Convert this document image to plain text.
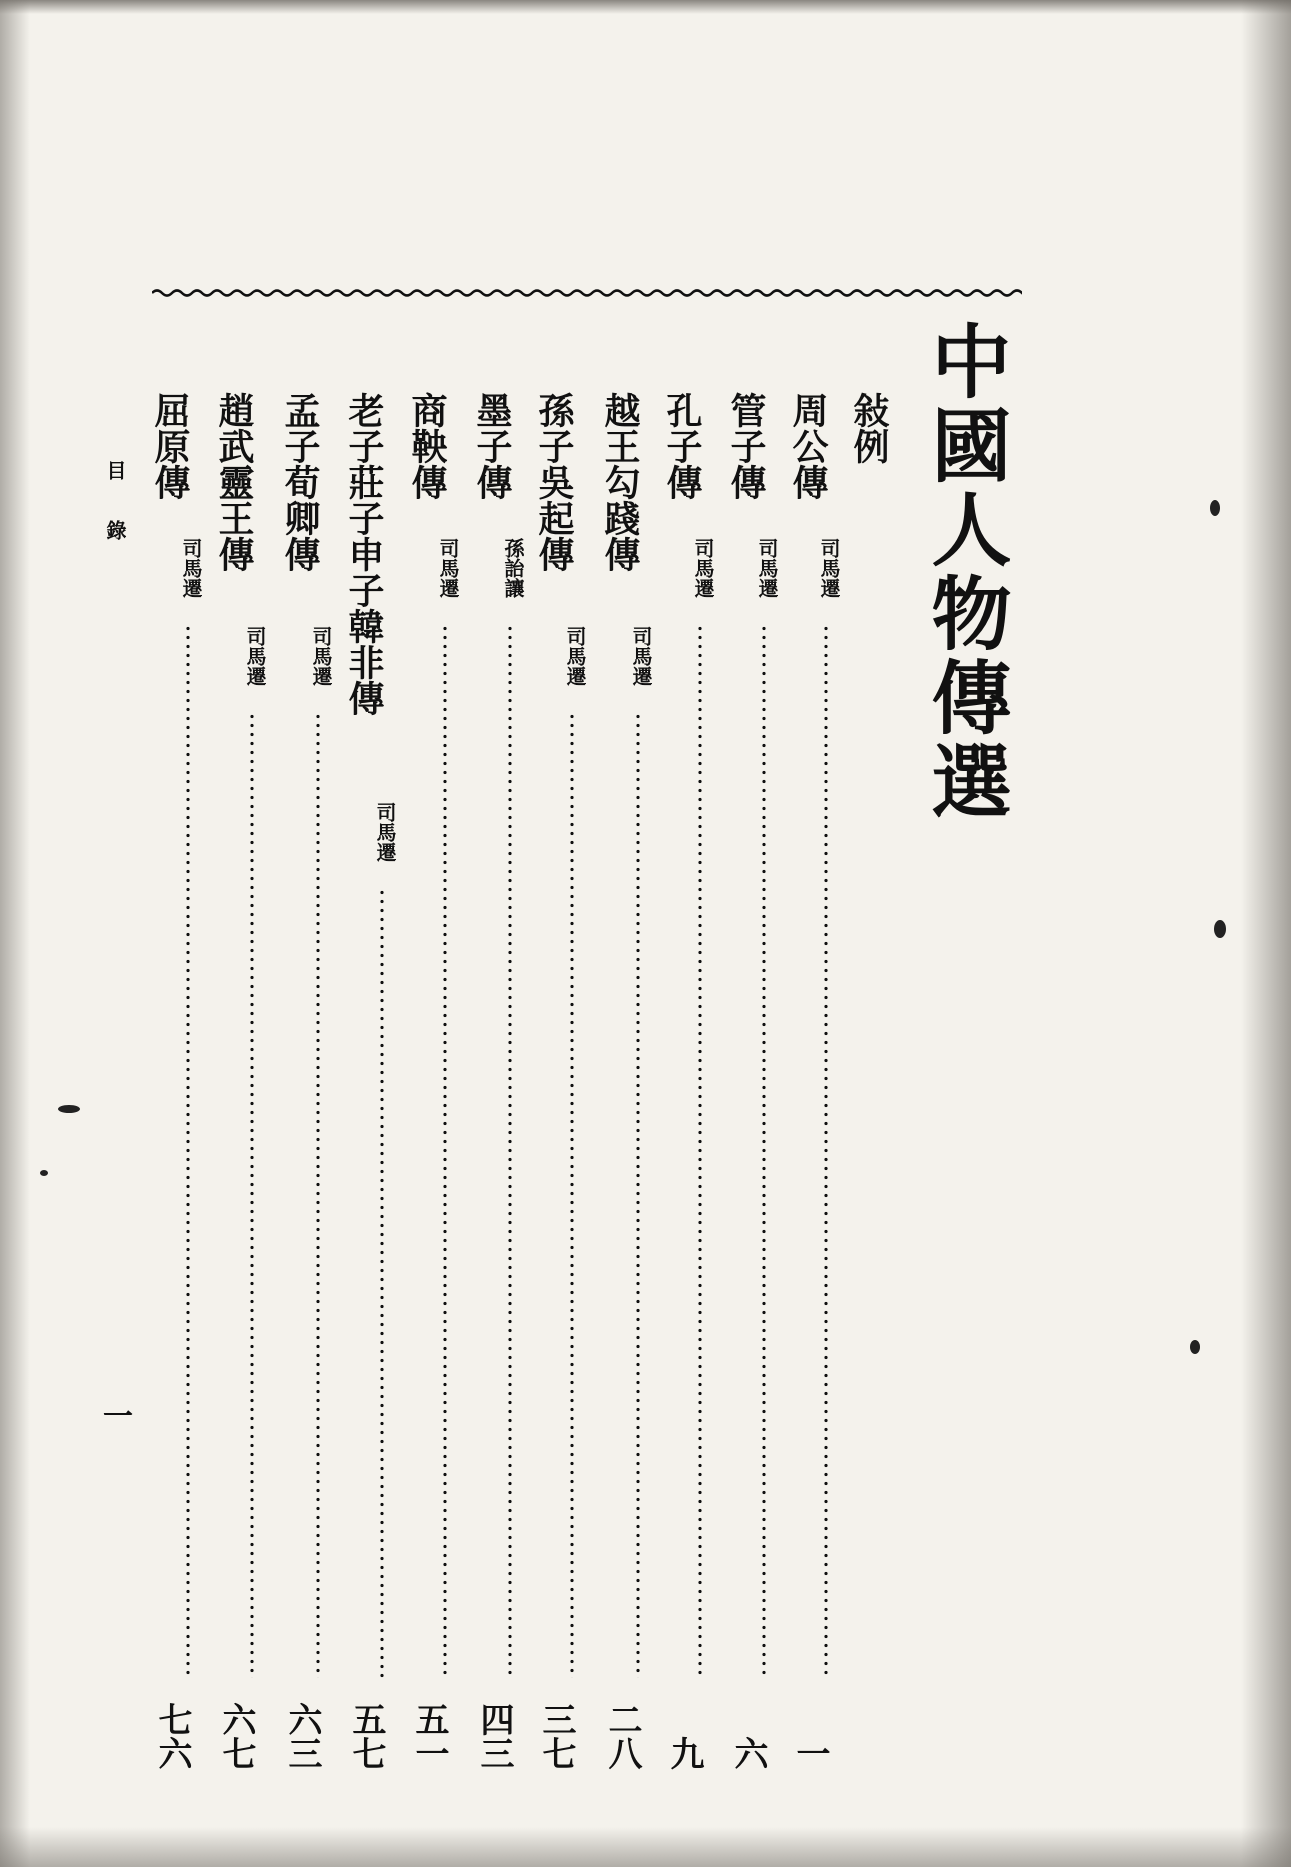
中國人物傳選
敍例
周公傳
司馬遷
一
管子傳
司馬遷
六
孔子傳
司馬遷
九
越王勾踐傳
司馬遷
二八
孫子吳起傳
司馬遷
三七
墨子傳
孫詒讓
四三
商鞅傳
司馬遷
五一
老子莊子申子韓非傳
司馬遷
五七
孟子荀卿傳
司馬遷
六三
趙武靈王傳
司馬遷
六七
屈原傳
司馬遷
七六
目錄
一
